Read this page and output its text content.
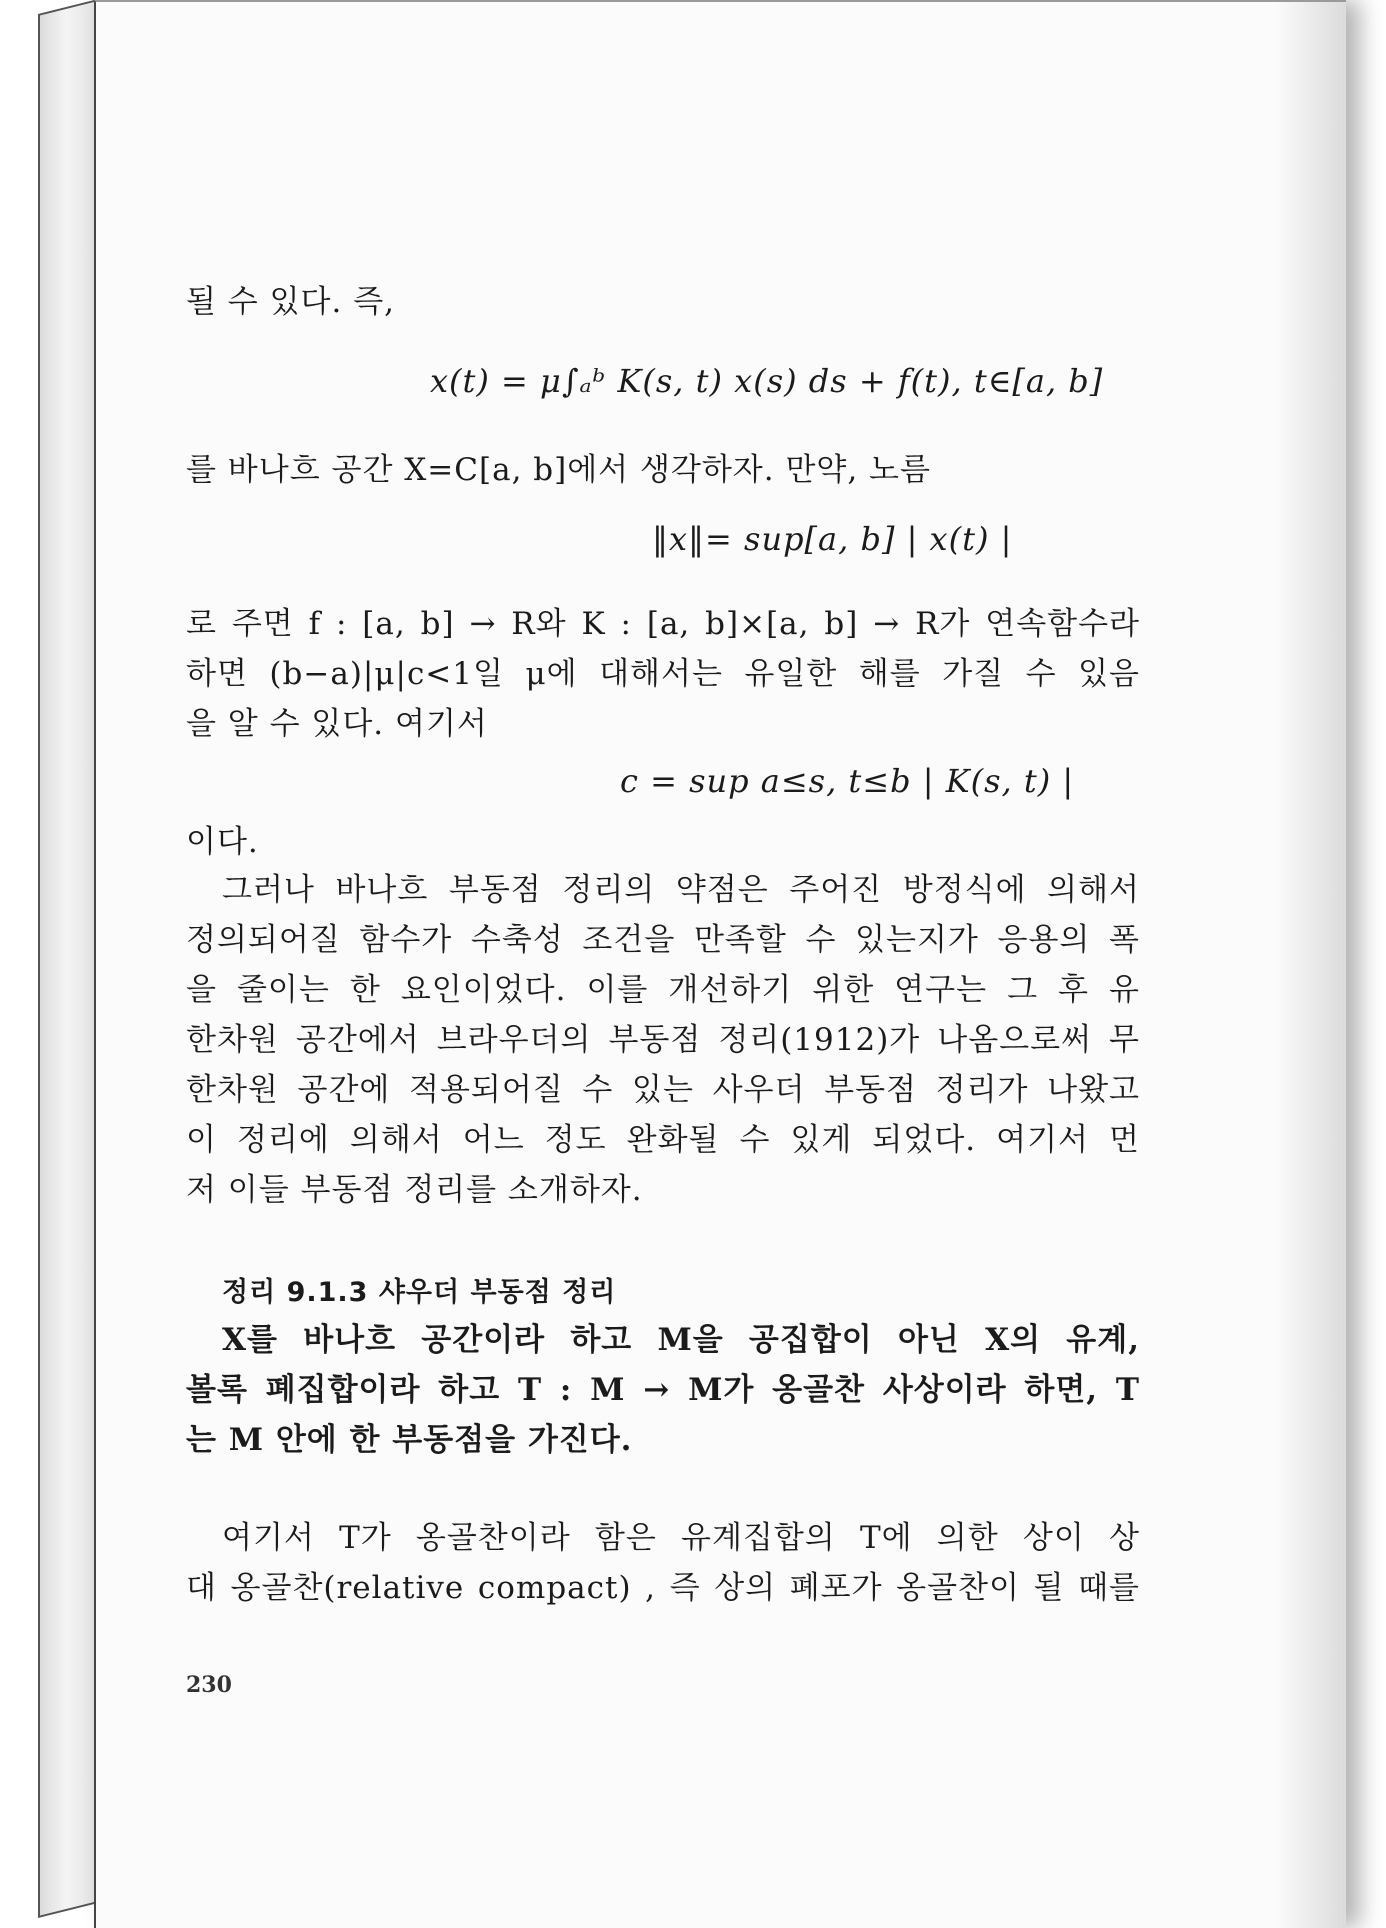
될 수 있다. 즉,
x(t) = μ∫ₐᵇ K(s, t) x(s) ds + f(t), t∈[a, b]
를 바나흐 공간 X=C[a, b]에서 생각하자. 만약, 노름
‖x‖= sup[a, b] | x(t) |
로 주면 f : [a, b] → R와 K : [a, b]×[a, b] → R가 연속함수라
하면 (b−a)|μ|c<1일 μ에 대해서는 유일한 해를 가질 수 있음
을 알 수 있다. 여기서
c = sup a≤s, t≤b | K(s, t) |
이다.
그러나 바나흐 부동점 정리의 약점은 주어진 방정식에 의해서
정의되어질 함수가 수축성 조건을 만족할 수 있는지가 응용의 폭
을 줄이는 한 요인이었다. 이를 개선하기 위한 연구는 그 후 유
한차원 공간에서 브라우더의 부동점 정리(1912)가 나옴으로써 무
한차원 공간에 적용되어질 수 있는 사우더 부동점 정리가 나왔고
이 정리에 의해서 어느 정도 완화될 수 있게 되었다. 여기서 먼
저 이들 부동점 정리를 소개하자.
정리 9.1.3 샤우더 부동점 정리
X를 바나흐 공간이라 하고 M을 공집합이 아닌 X의 유계,
볼록 폐집합이라 하고 T : M → M가 옹골찬 사상이라 하면, T
는 M 안에 한 부동점을 가진다.
여기서 T가 옹골찬이라 함은 유계집합의 T에 의한 상이 상
대 옹골찬(relative compact) , 즉 상의 폐포가 옹골찬이 될 때를
230
